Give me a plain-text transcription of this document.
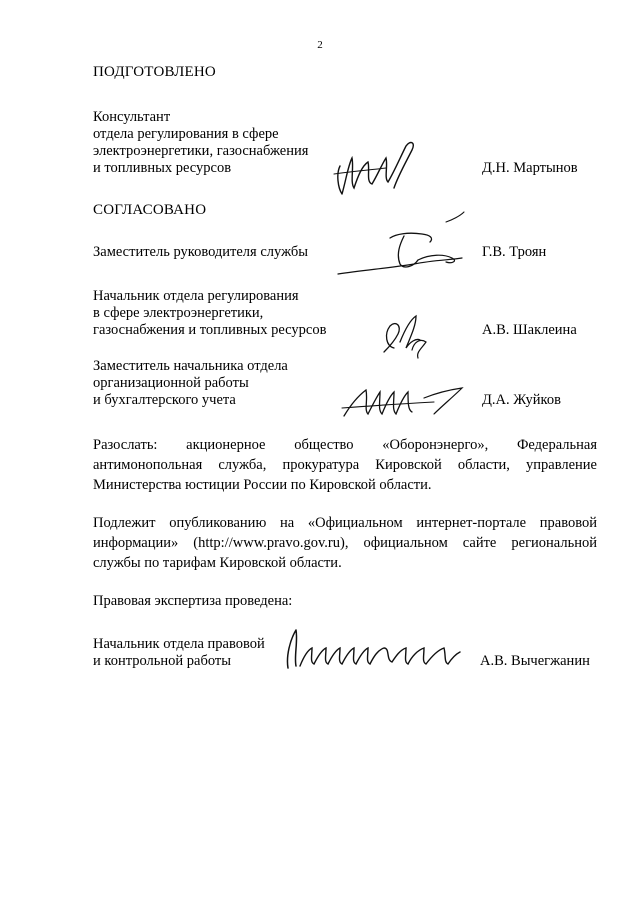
2
ПОДГОТОВЛЕНО
Консультант
отдела регулирования в сфере
электроэнергетики, газоснабжения
и топливных ресурсов	Д.Н. Мартынов
СОГЛАСОВАНО
Заместитель руководителя службы	Г.В. Троян
Начальник отдела регулирования
в сфере электроэнергетики,
газоснабжения и топливных ресурсов	А.В. Шаклеина
Заместитель начальника отдела
организационной работы
и бухгалтерского учета	Д.А. Жуйков
Разослать: акционерное общество «Оборонэнерго», Федеральная антимонопольная служба, прокуратура Кировской области, управление Министерства юстиции России по Кировской области.
Подлежит опубликованию на «Официальном интернет-портале правовой информации» (http://www.pravo.gov.ru), официальном сайте региональной службы по тарифам Кировской области.
Правовая экспертиза проведена:
Начальник отдела правовой
и контрольной работы	А.В. Вычегжанин
